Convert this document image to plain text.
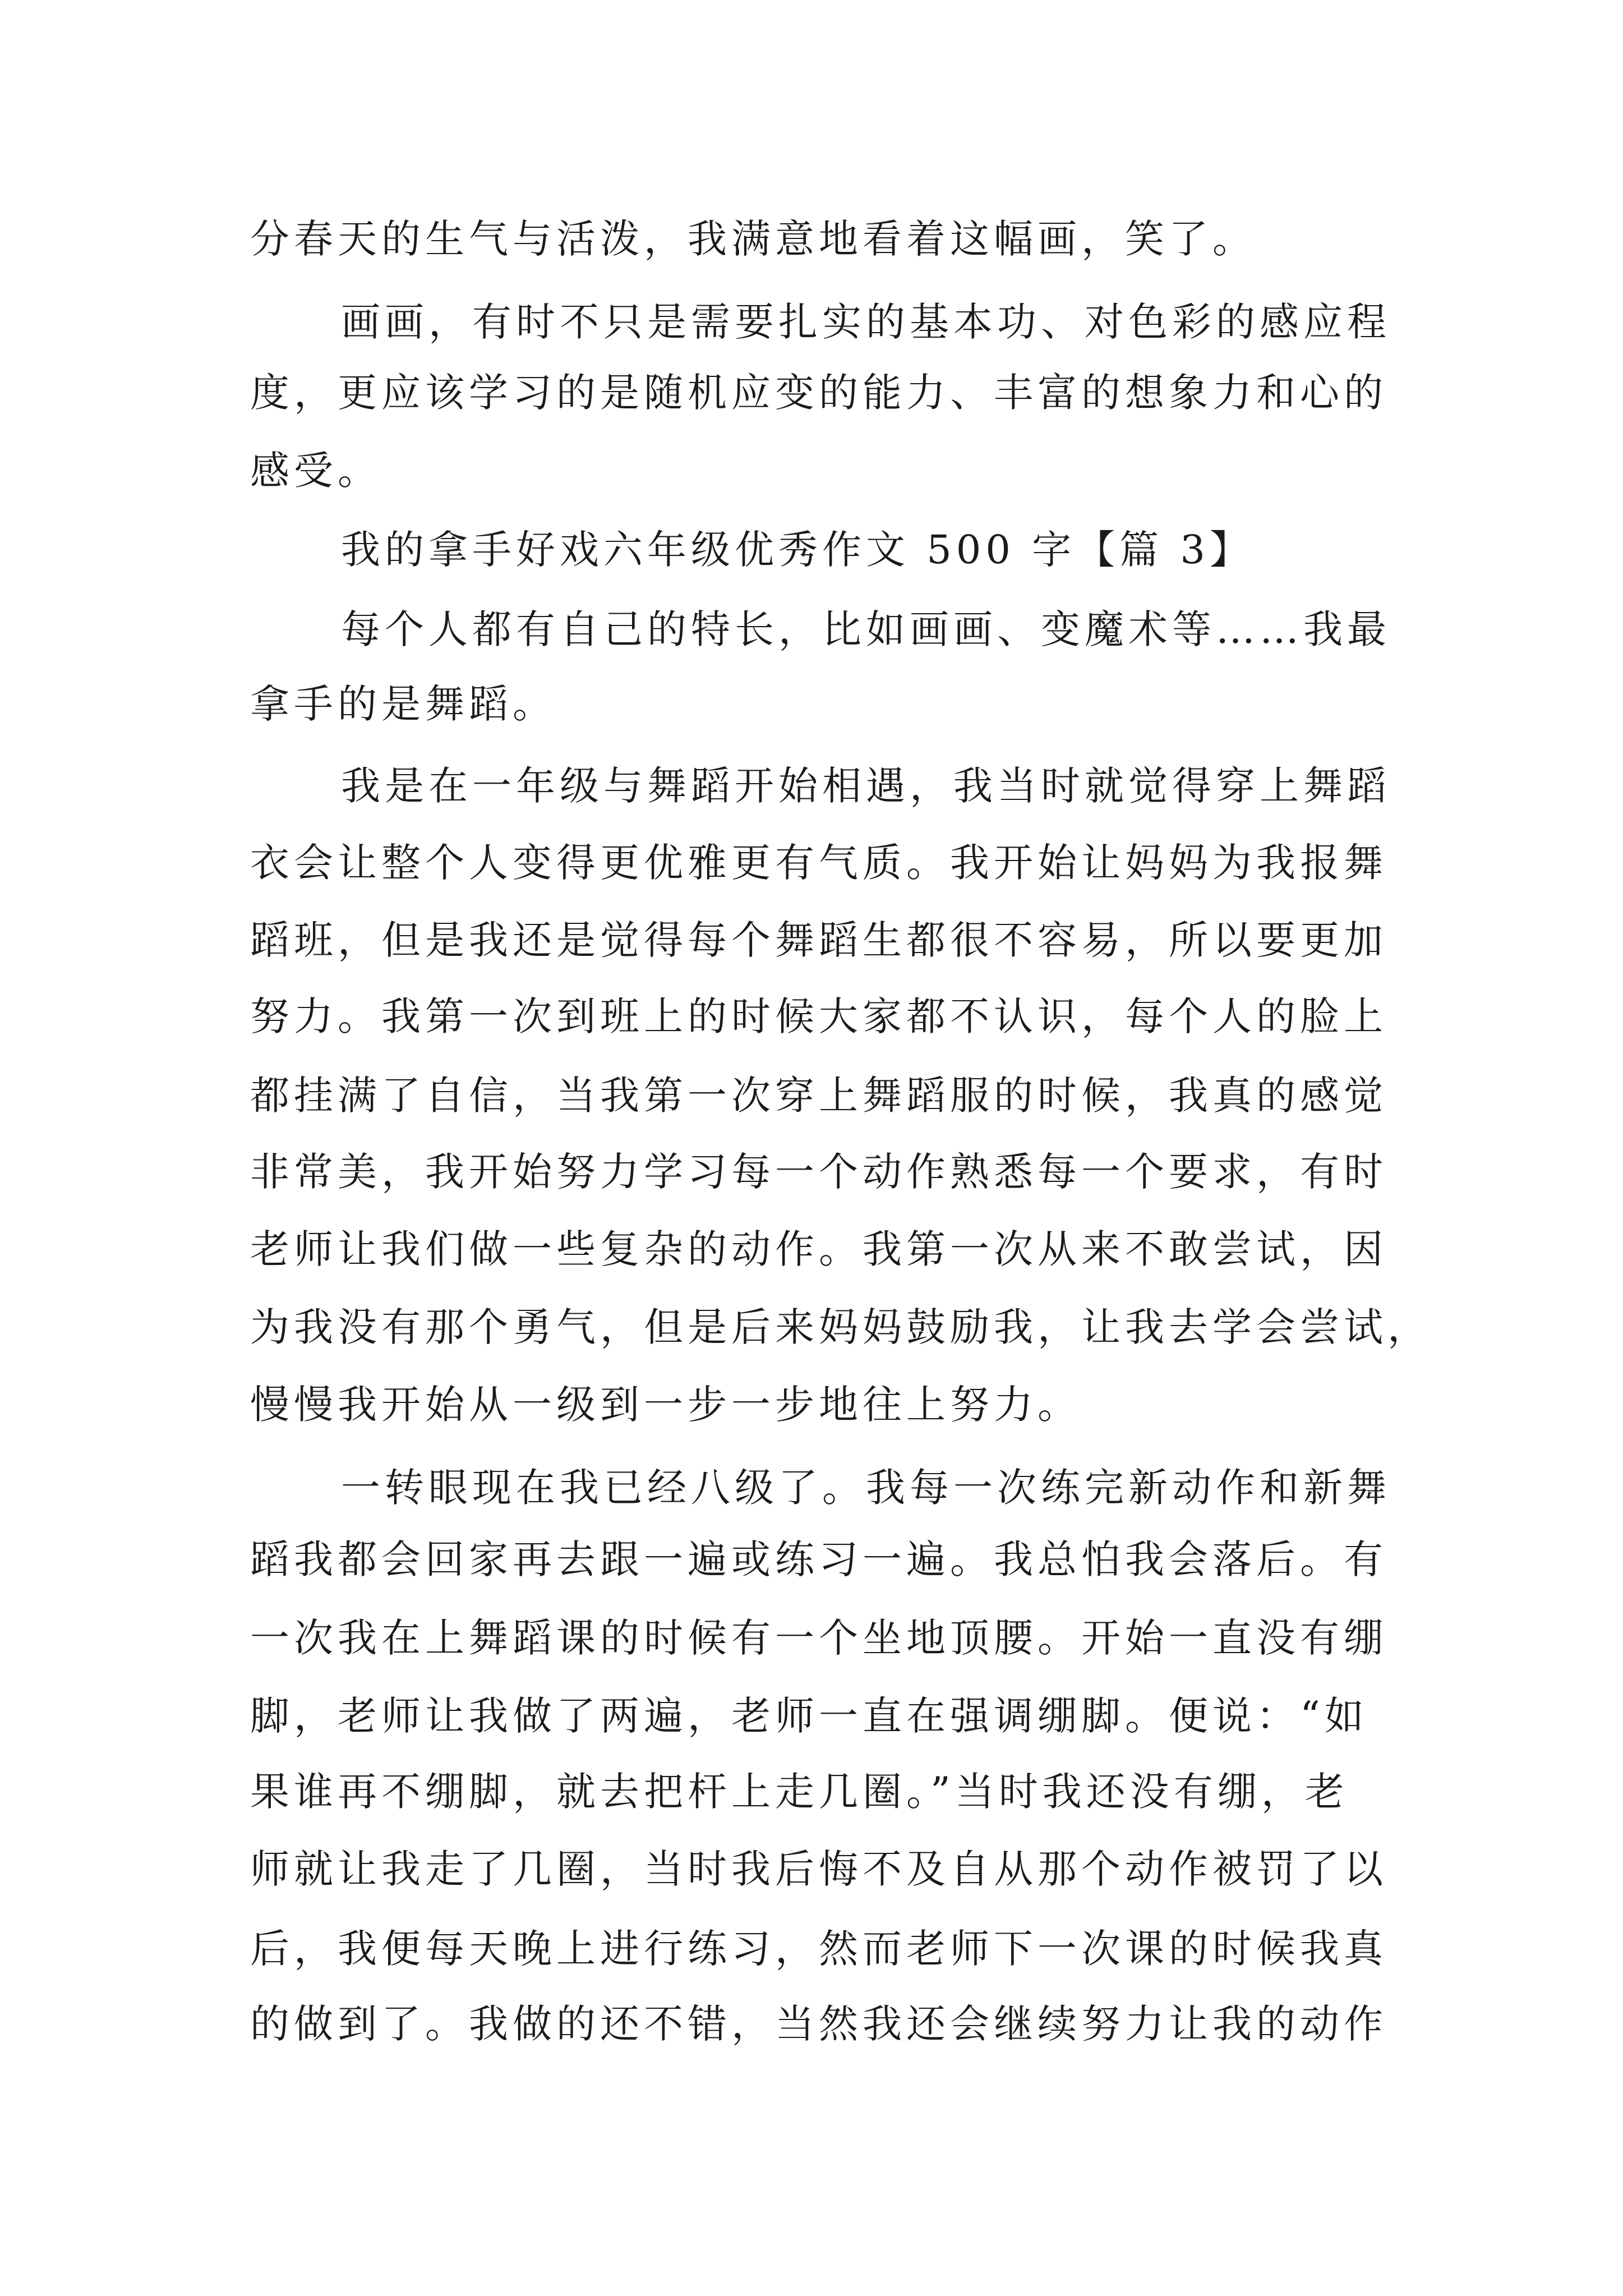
分春天的生气与活泼，我满意地看着这幅画，笑了。
画画，有时不只是需要扎实的基本功、对色彩的感应程
度，更应该学习的是随机应变的能力、丰富的想象力和心的
感受。
我的拿手好戏六年级优秀作文 500 字【篇 3】
每个人都有自己的特长，比如画画、变魔术等……我最
拿手的是舞蹈。
我是在一年级与舞蹈开始相遇，我当时就觉得穿上舞蹈
衣会让整个人变得更优雅更有气质。我开始让妈妈为我报舞
蹈班，但是我还是觉得每个舞蹈生都很不容易，所以要更加
努力。我第一次到班上的时候大家都不认识，每个人的脸上
都挂满了自信，当我第一次穿上舞蹈服的时候，我真的感觉
非常美，我开始努力学习每一个动作熟悉每一个要求，有时
老师让我们做一些复杂的动作。我第一次从来不敢尝试，因
为我没有那个勇气，但是后来妈妈鼓励我，让我去学会尝试，
慢慢我开始从一级到一步一步地往上努力。
一转眼现在我已经八级了。我每一次练完新动作和新舞
蹈我都会回家再去跟一遍或练习一遍。我总怕我会落后。有
一次我在上舞蹈课的时候有一个坐地顶腰。开始一直没有绷
脚，老师让我做了两遍，老师一直在强调绷脚。便说：“如
果谁再不绷脚，就去把杆上走几圈。”当时我还没有绷，老
师就让我走了几圈，当时我后悔不及自从那个动作被罚了以
后，我便每天晚上进行练习，然而老师下一次课的时候我真
的做到了。我做的还不错，当然我还会继续努力让我的动作
